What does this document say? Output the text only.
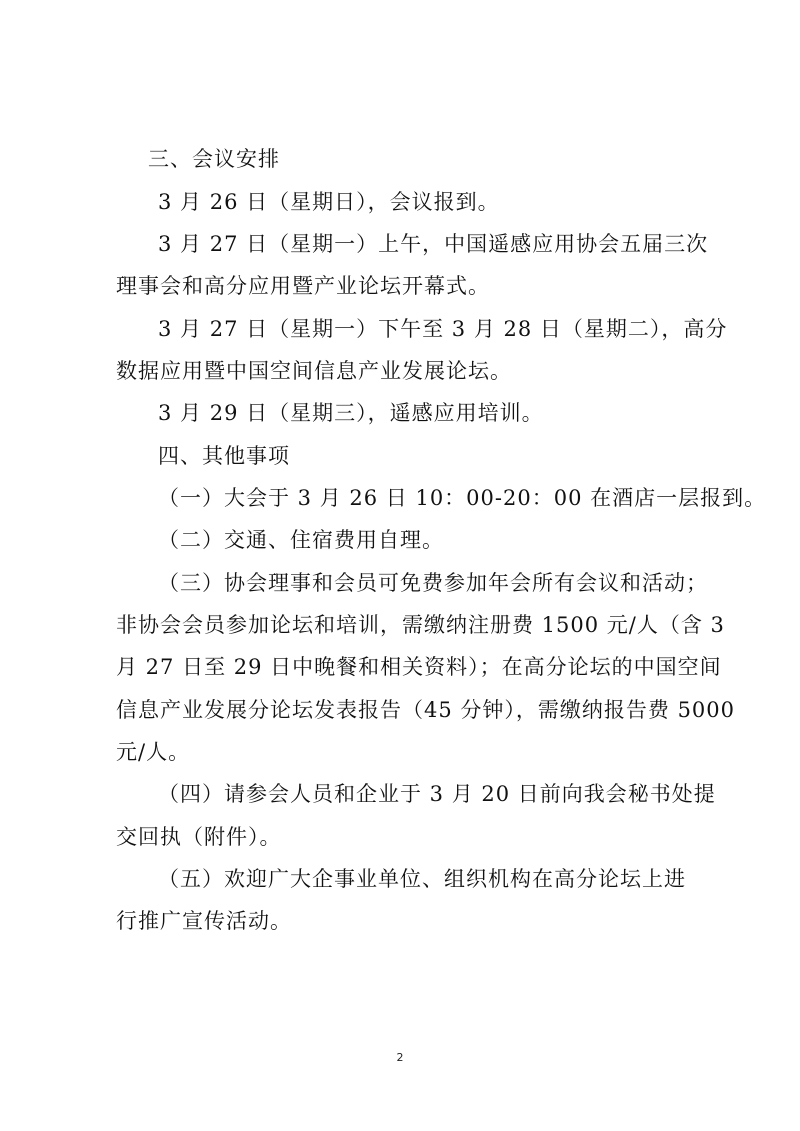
三、会议安排
3 月 26 日（星期日），会议报到。
3 月 27 日（星期一）上午，中国遥感应用协会五届三次
理事会和高分应用暨产业论坛开幕式。
3 月 27 日（星期一）下午至 3 月 28 日（星期二），高分
数据应用暨中国空间信息产业发展论坛。
3 月 29 日（星期三），遥感应用培训。
四、其他事项
（一）大会于 3 月 26 日 10：00-20：00 在酒店一层报到。
（二）交通、住宿费用自理。
（三）协会理事和会员可免费参加年会所有会议和活动；
非协会会员参加论坛和培训，需缴纳注册费 1500 元/人（含 3
月 27 日至 29 日中晚餐和相关资料）；在高分论坛的中国空间
信息产业发展分论坛发表报告（45 分钟），需缴纳报告费 5000
元/人。
（四）请参会人员和企业于 3 月 20 日前向我会秘书处提
交回执（附件）。
（五）欢迎广大企事业单位、组织机构在高分论坛上进
行推广宣传活动。
2
